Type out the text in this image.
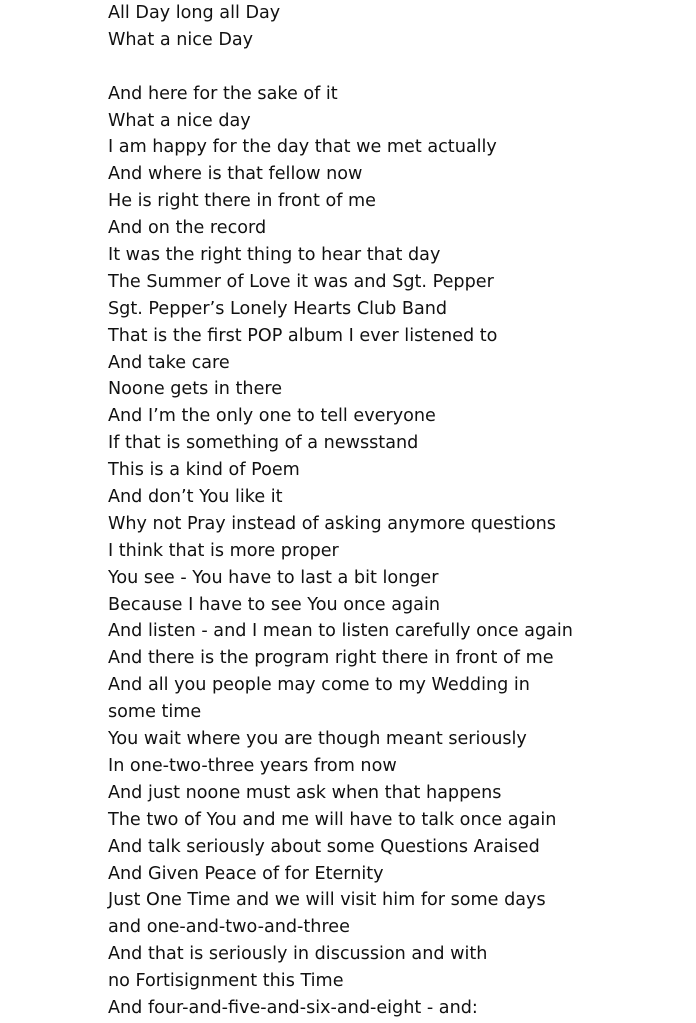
All Day long all Day
What a nice Day
And here for the sake of it
What a nice day
I am happy for the day that we met actually
And where is that fellow now
He is right there in front of me
And on the record
It was the right thing to hear that day
The Summer of Love it was and Sgt. Pepper
Sgt. Pepper’s Lonely Hearts Club Band
That is the first POP album I ever listened to
And take care
Noone gets in there
And I’m the only one to tell everyone
If that is something of a newsstand
This is a kind of Poem
And don’t You like it
Why not Pray instead of asking anymore questions
I think that is more proper
You see - You have to last a bit longer
Because I have to see You once again
And listen - and I mean to listen carefully once again
And there is the program right there in front of me
And all you people may come to my Wedding in
some time
You wait where you are though meant seriously
In one-two-three years from now
And just noone must ask when that happens
The two of You and me will have to talk once again
And talk seriously about some Questions Araised
And Given Peace of for Eternity
Just One Time and we will visit him for some days
and one-and-two-and-three
And that is seriously in discussion and with
no Fortisignment this Time
And four-and-five-and-six-and-eight - and:
